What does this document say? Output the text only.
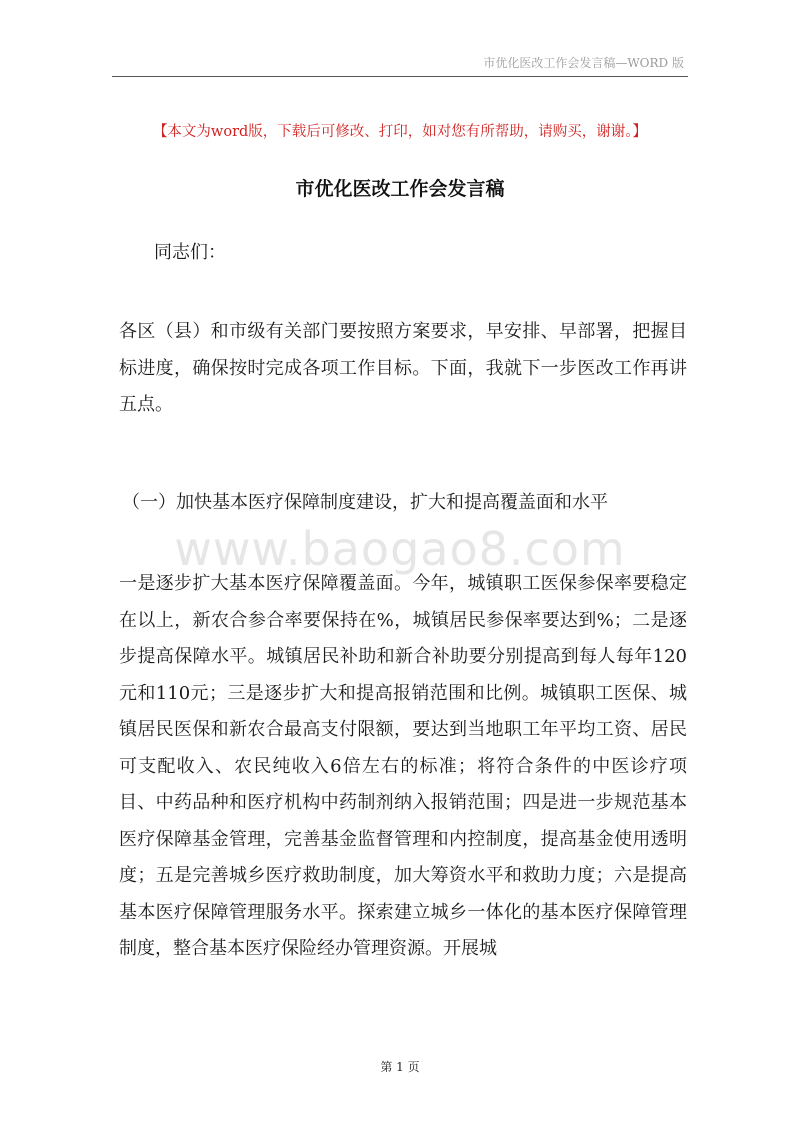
市优化医改工作会发言稿—WORD 版
www.baogao8.com
【本文为word版，下载后可修改、打印，如对您有所帮助，请购买，谢谢。】
市优化医改工作会发言稿
同志们：

各区（县）和市级有关部门要按照方案要求，早安排、早部署，把握目标进度，确保按时完成各项工作目标。下面，我就下一步医改工作再讲五点。

（一）加快基本医疗保障制度建设，扩大和提高覆盖面和水平

一是逐步扩大基本医疗保障覆盖面。今年，城镇职工医保参保率要稳定在以上，新农合参合率要保持在%，城镇居民参保率要达到%；二是逐步提高保障水平。城镇居民补助和新合补助要分别提高到每人每年120元和110元；三是逐步扩大和提高报销范围和比例。城镇职工医保、城镇居民医保和新农合最高支付限额，要达到当地职工年平均工资、居民可支配收入、农民纯收入6倍左右的标准；将符合条件的中医诊疗项目、中药品种和医疗机构中药制剂纳入报销范围；四是进一步规范基本医疗保障基金管理，完善基金监督管理和内控制度，提高基金使用透明度；五是完善城乡医疗救助制度，加大筹资水平和救助力度；六是提高基本医疗保障管理服务水平。探索建立城乡一体化的基本医疗保障管理制度，整合基本医疗保险经办管理资源。开展城

第 1 页
